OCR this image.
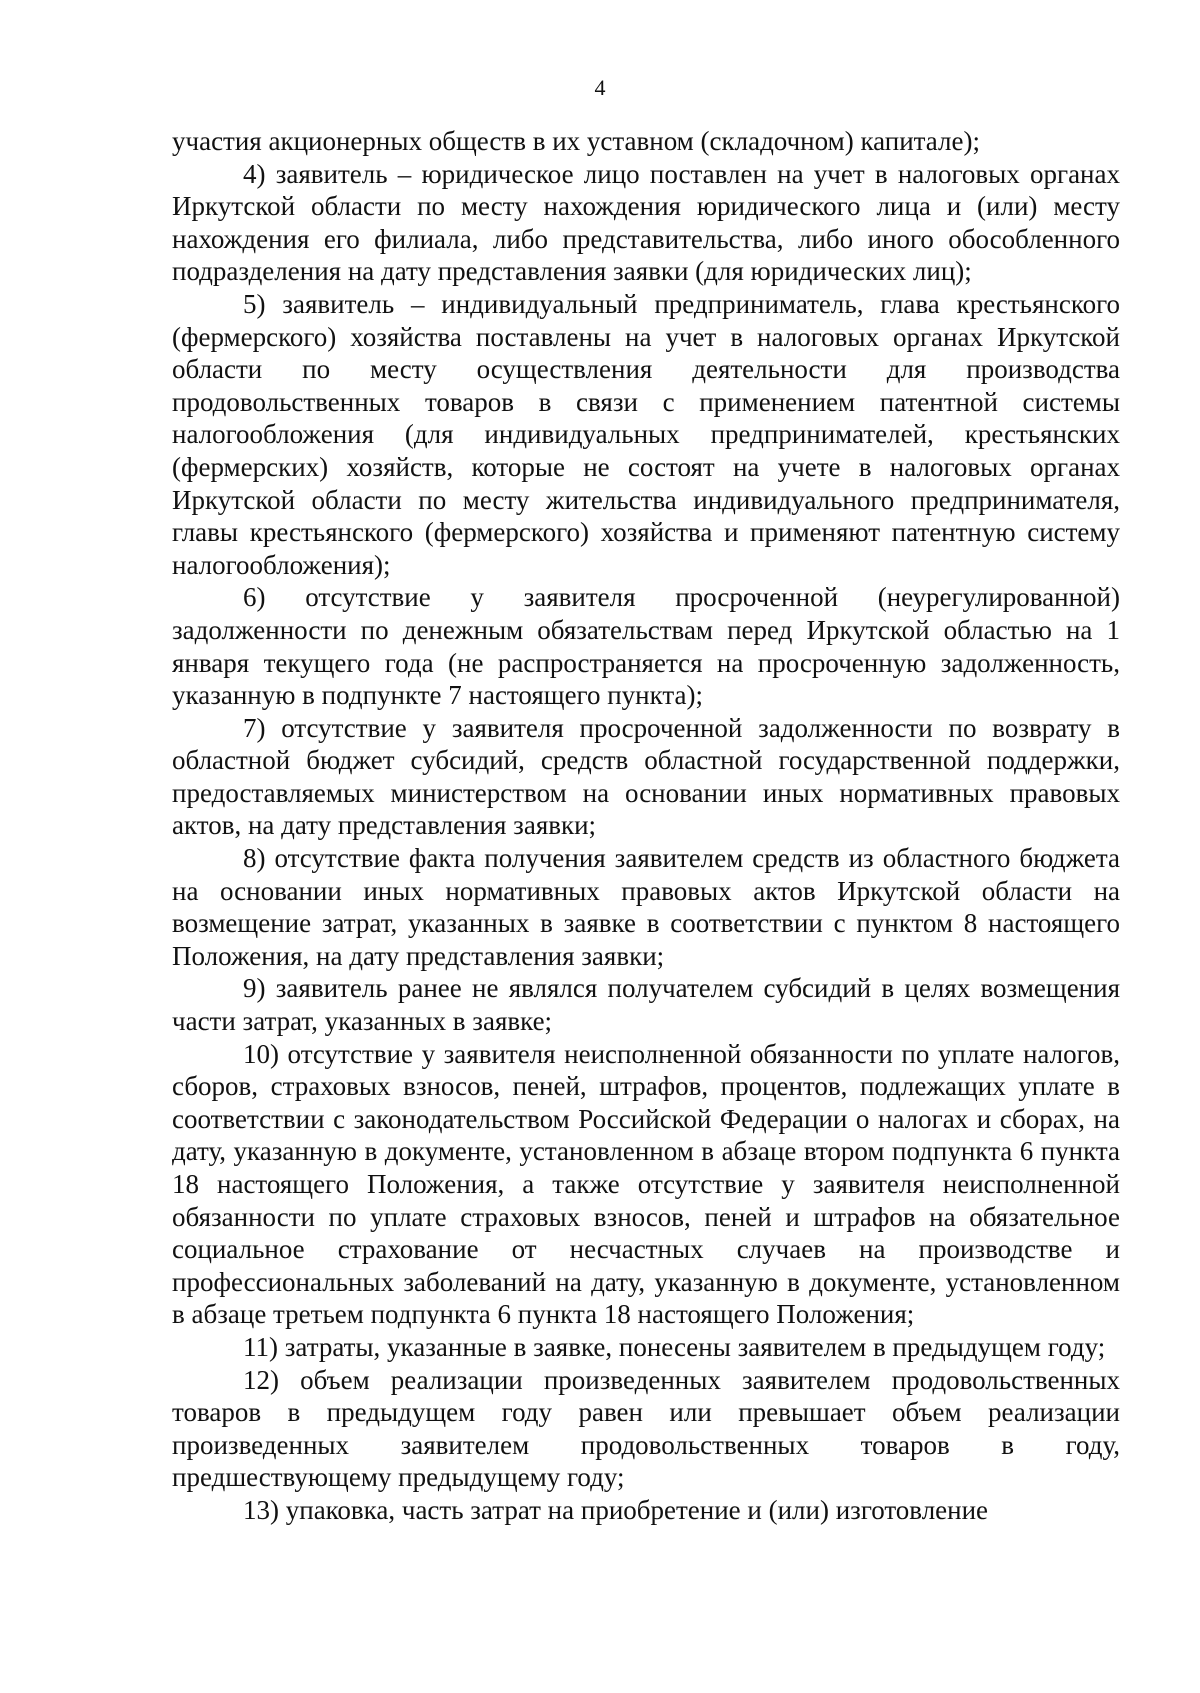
4

участия акционерных обществ в их уставном (складочном) капитале);

4) заявитель – юридическое лицо поставлен на учет в налоговых органах Иркутской области по месту нахождения юридического лица и (или) месту нахождения его филиала, либо представительства, либо иного обособленного подразделения на дату представления заявки (для юридических лиц);

5) заявитель – индивидуальный предприниматель, глава крестьянского (фермерского) хозяйства поставлены на учет в налоговых органах Иркутской области по месту осуществления деятельности для производства продовольственных товаров в связи с применением патентной системы налогообложения (для индивидуальных предпринимателей, крестьянских (фермерских) хозяйств, которые не состоят на учете в налоговых органах Иркутской области по месту жительства индивидуального предпринимателя, главы крестьянского (фермерского) хозяйства и применяют патентную систему налогообложения);

6) отсутствие у заявителя просроченной (неурегулированной) задолженности по денежным обязательствам перед Иркутской областью на 1 января текущего года (не распространяется на просроченную задолженность, указанную в подпункте 7 настоящего пункта);

7) отсутствие у заявителя просроченной задолженности по возврату в областной бюджет субсидий, средств областной государственной поддержки, предоставляемых министерством на основании иных нормативных правовых актов, на дату представления заявки;

8) отсутствие факта получения заявителем средств из областного бюджета на основании иных нормативных правовых актов Иркутской области на возмещение затрат, указанных в заявке в соответствии с пунктом 8 настоящего Положения, на дату представления заявки;

9) заявитель ранее не являлся получателем субсидий в целях возмещения части затрат, указанных в заявке;

10) отсутствие у заявителя неисполненной обязанности по уплате налогов, сборов, страховых взносов, пеней, штрафов, процентов, подлежащих уплате в соответствии с законодательством Российской Федерации о налогах и сборах, на дату, указанную в документе, установленном в абзаце втором подпункта 6 пункта 18 настоящего Положения, а также отсутствие у заявителя неисполненной обязанности по уплате страховых взносов, пеней и штрафов на обязательное социальное страхование от несчастных случаев на производстве и профессиональных заболеваний на дату, указанную в документе, установленном в абзаце третьем подпункта 6 пункта 18 настоящего Положения;

11) затраты, указанные в заявке, понесены заявителем в предыдущем году;

12) объем реализации произведенных заявителем продовольственных товаров в предыдущем году равен или превышает объем реализации произведенных заявителем продовольственных товаров в году, предшествующему предыдущему году;

13) упаковка, часть затрат на приобретение и (или) изготовление
